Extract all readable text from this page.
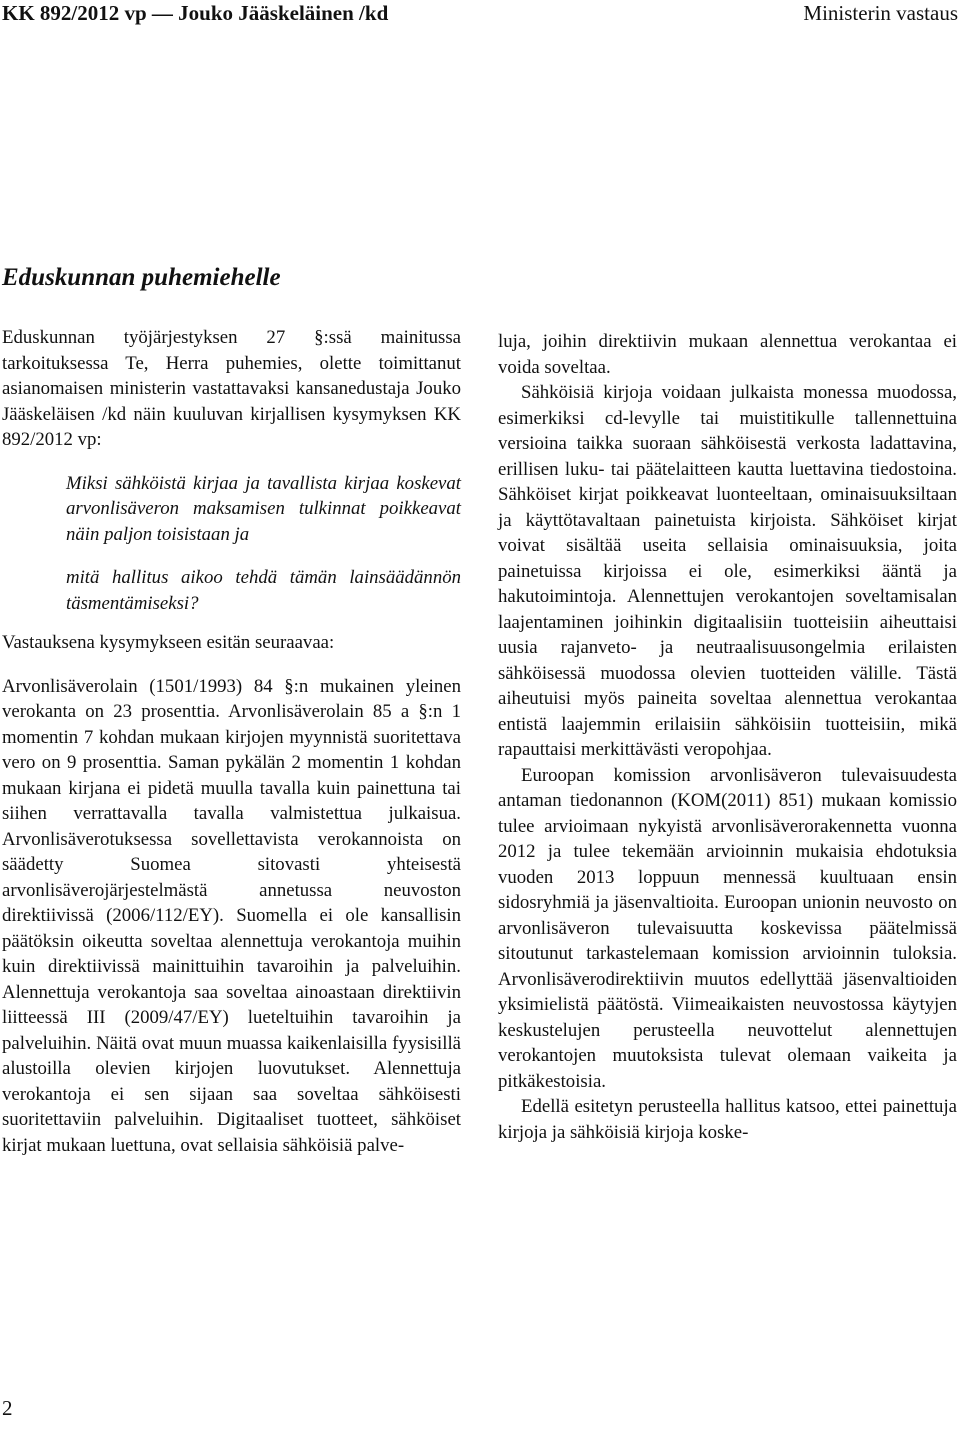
KK 892/2012 vp — Jouko Jääskeläinen /kd	Ministerin vastaus
Eduskunnan puhemiehelle

Eduskunnan työjärjestyksen 27 §:ssä mainitussa tarkoituksessa Te, Herra puhemies, olette toimittanut asianomaisen ministerin vastattavaksi kansanedustaja Jouko Jääskeläisen /kd näin kuuluvan kirjallisen kysymyksen KK 892/2012 vp:

Miksi sähköistä kirjaa ja tavallista kirjaa koskevat arvonlisäveron maksamisen tulkinnat poikkeavat näin paljon toisistaan ja

mitä hallitus aikoo tehdä tämän lainsäädännön täsmentämiseksi?

Vastauksena kysymykseen esitän seuraavaa:

Arvonlisäverolain (1501/1993) 84 §:n mukainen yleinen verokanta on 23 prosenttia. Arvonlisäverolain 85 a §:n 1 momentin 7 kohdan mukaan kirjojen myynnistä suoritettava vero on 9 prosenttia. Saman pykälän 2 momentin 1 kohdan mukaan kirjana ei pidetä muulla tavalla kuin painettuna tai siihen verrattavalla tavalla valmistettua julkaisua. Arvonlisäverotuksessa sovellettavista verokannoista on säädetty Suomea sitovasti yhteisestä arvonlisäverojärjestelmästä annetussa neuvoston direktiivissä (2006/112/EY). Suomella ei ole kansallisin päätöksin oikeutta soveltaa alennettuja verokantoja muihin kuin direktiivissä mainittuihin tavaroihin ja palveluihin. Alennettuja verokantoja saa soveltaa ainoastaan direktiivin liitteessä III (2009/47/EY) lueteltuihin tavaroihin ja palveluihin. Näitä ovat muun muassa kaikenlaisilla fyysisillä alustoilla olevien kirjojen luovutukset. Alennettuja verokantoja ei sen sijaan saa soveltaa sähköisesti suoritettaviin palveluihin. Digitaaliset tuotteet, sähköiset kirjat mukaan luettuna, ovat sellaisia sähköisiä palve-

luja, joihin direktiivin mukaan alennettua verokantaa ei voida soveltaa.

Sähköisiä kirjoja voidaan julkaista monessa muodossa, esimerkiksi cd-levylle tai muistitikulle tallennettuina versioina taikka suoraan sähköisestä verkosta ladattavina, erillisen luku- tai päätelaitteen kautta luettavina tiedostoina. Sähköiset kirjat poikkeavat luonteeltaan, ominaisuuksiltaan ja käyttötavaltaan painetuista kirjoista. Sähköiset kirjat voivat sisältää useita sellaisia ominaisuuksia, joita painetuissa kirjoissa ei ole, esimerkiksi ääntä ja hakutoimintoja. Alennettujen verokantojen soveltamisalan laajentaminen joihinkin digitaalisiin tuotteisiin aiheuttaisi uusia rajanveto- ja neutraalisuusongelmia erilaisten sähköisessä muodossa olevien tuotteiden välille. Tästä aiheutuisi myös paineita soveltaa alennettua verokantaa entistä laajemmin erilaisiin sähköisiin tuotteisiin, mikä rapauttaisi merkittävästi veropohjaa.

Euroopan komission arvonlisäveron tulevaisuudesta antaman tiedonannon (KOM(2011) 851) mukaan komissio tulee arvioimaan nykyistä arvonlisäverorakennetta vuonna 2012 ja tulee tekemään arvioinnin mukaisia ehdotuksia vuoden 2013 loppuun mennessä kuultuaan ensin sidosryhmiä ja jäsenvaltioita. Euroopan unionin neuvosto on arvonlisäveron tulevaisuutta koskevissa päätelmissä sitoutunut tarkastelemaan komission arvioinnin tuloksia. Arvonlisäverodirektiivin muutos edellyttää jäsenvaltioiden yksimielistä päätöstä. Viimeaikaisten neuvostossa käytyjen keskustelujen perusteella neuvottelut alennettujen verokantojen muutoksista tulevat olemaan vaikeita ja pitkäkestoisia.

Edellä esitetyn perusteella hallitus katsoo, ettei painettuja kirjoja ja sähköisiä kirjoja koske-

2
